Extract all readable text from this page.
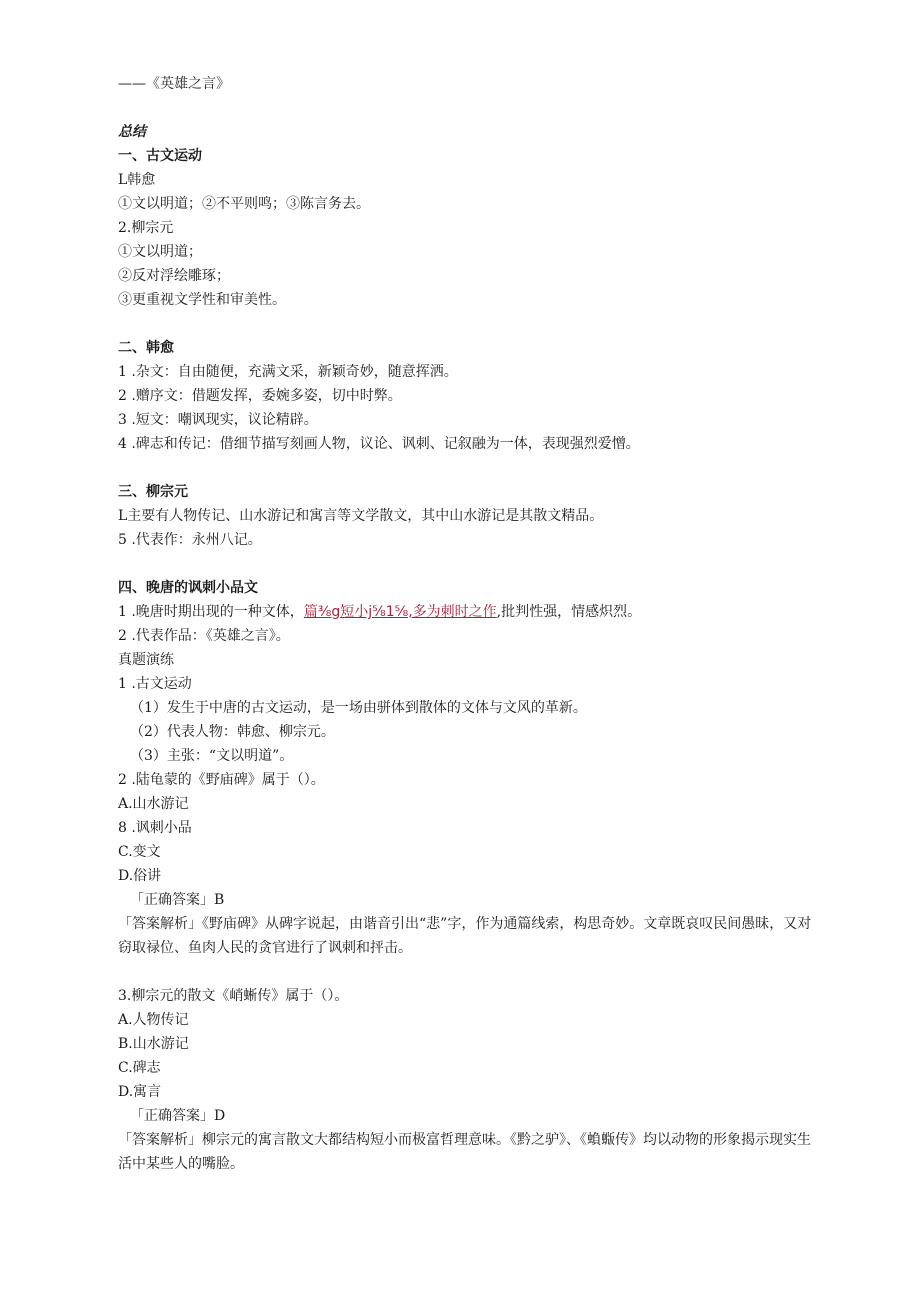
——《英雄之言》
总结
一、古文运动
L韩愈
①文以明道；②不平则鸣；③陈言务去。
2.柳宗元
①文以明道；
②反对浮绘雕琢；
③更重视文学性和审美性。
二、韩愈
1 .杂文：自由随便，充满文采，新颖奇妙，随意挥洒。
2 .赠序文：借题发挥，委婉多姿，切中时弊。
3 .短文：嘲讽现实，议论精辟。
4 .碑志和传记：借细节描写刻画人物，议论、讽刺、记叙融为一体，表现强烈爱憎。
三、柳宗元
L主要有人物传记、山水游记和寓言等文学散文，其中山水游记是其散文精品。
5 .代表作：永州八记。
四、晚唐的讽刺小品文
1 .晚唐时期出现的一种文体，篇⅜g短小j⅝1⅝,多为刺时之作,批判性强，情感炽烈。
2 .代表作品：《英雄之言》。
真题演练
1 .古文运动
（1）发生于中唐的古文运动，是一场由骈体到散体的文体与文风的革新。
（2）代表人物：韩愈、柳宗元。
（3）主张：“文以明道”。
2 .陆龟蒙的《野庙碑》属于（）。
A.山水游记
8 .讽刺小品
C.变文
D.俗讲
「正确答案」B
「答案解析」《野庙碑》从碑字说起，由谐音引出“悲”字，作为通篇线索，构思奇妙。文章既哀叹民间愚昧，又对窃取禄位、鱼肉人民的贪官进行了讽刺和抨击。
3.柳宗元的散文《峭蜥传》属于（）。
A.人物传记
B.山水游记
C.碑志
D.寓言
「正确答案」D
「答案解析」柳宗元的寓言散文大都结构短小而极富哲理意味。《黔之驴》、《蝜蝂传》均以动物的形象揭示现实生活中某些人的嘴脸。
